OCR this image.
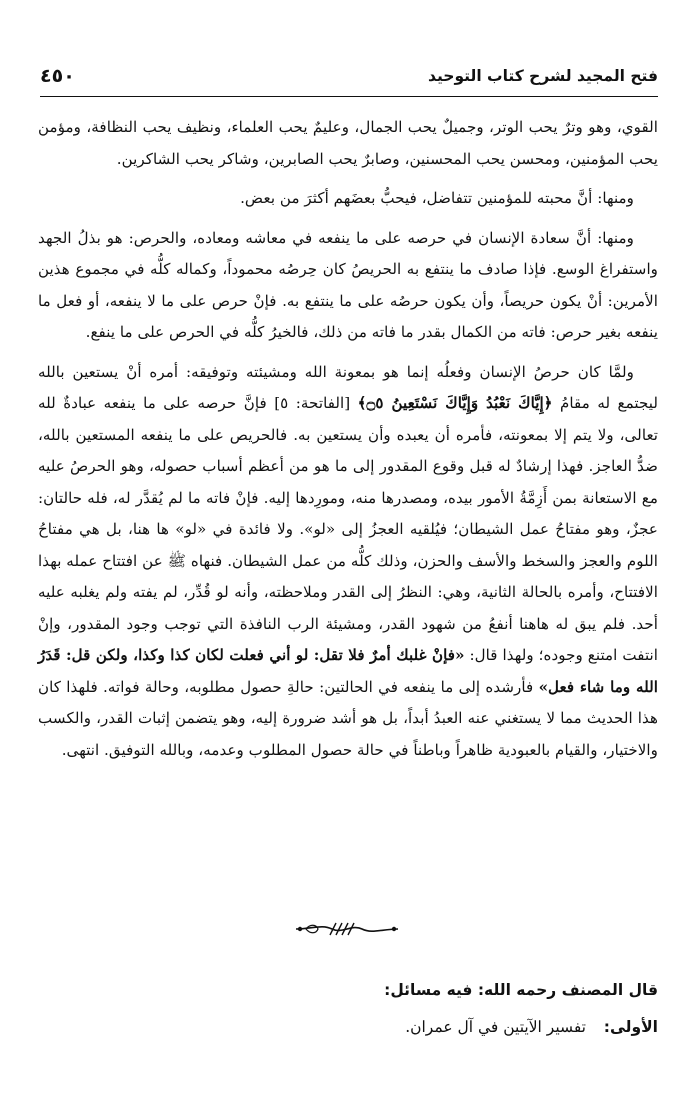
فتح المجيد لشرح كتاب التوحيد
٤٥٠

القوي، وهو وترٌ يحب الوتر، وجميلٌ يحب الجمال، وعليمٌ يحب العلماء، ونظيف يحب النظافة، ومؤمن يحب المؤمنين، ومحسن يحب المحسنين، وصابرٌ يحب الصابرين، وشاكر يحب الشاكرين.

ومنها: أنَّ محبته للمؤمنين تتفاضل، فيحبُّ بعضَهم أكثرَ من بعض.

ومنها: أنَّ سعادة الإنسان في حرصه على ما ينفعه في معاشه ومعاده، والحرص: هو بذلُ الجهد واستفراغ الوسع. فإذا صادف ما ينتفع به الحريصُ كان حِرصُه محموداً، وكماله كلُّه في مجموع هذين الأمرين: أنْ يكون حريصاً، وأن يكون حرصُه على ما ينتفع به. فإنْ حرص على ما لا ينفعه، أو فعل ما ينفعه بغير حرص: فاته من الكمال بقدر ما فاته من ذلك، فالخيرُ كلُّه في الحرص على ما ينفع.

ولمَّا كان حرصُ الإنسان وفعلُه إنما هو بمعونة الله ومشيئته وتوفيقه: أمره أنْ يستعين بالله ليجتمع له مقامُ ﴿إِيَّاكَ نَعْبُدُ وَإِيَّاكَ نَسْتَعِينُ ۝٥﴾ [الفاتحة: ٥] فإنَّ حرصه على ما ينفعه عبادةٌ لله تعالى، ولا يتم إلا بمعونته، فأمره أن يعبده وأن يستعين به. فالحريص على ما ينفعه المستعين بالله، ضدُّ العاجز. فهذا إرشادٌ له قبل وقوع المقدور إلى ما هو من أعظم أسباب حصوله، وهو الحرصُ عليه مع الاستعانة بمن أَزِمَّةُ الأمور بيده، ومصدرها منه، ومورِدها إليه. فإنْ فاته ما لم يُقدَّر له، فله حالتان: عجزٌ، وهو مفتاحُ عمل الشيطان؛ فيُلقيه العجزُ إلى «لو». ولا فائدة في «لو» ها هنا، بل هي مفتاحُ اللوم والعجز والسخط والأسف والحزن، وذلك كلُّه من عمل الشيطان. فنهاه ﷺ عن افتتاح عمله بهذا الافتتاح، وأمره بالحالة الثانية، وهي: النظرُ إلى القدر وملاحظته، وأنه لو قُدِّر، لم يفته ولم يغلبه عليه أحد. فلم يبق له هاهنا أنفعُ من شهود القدر، ومشيئة الرب النافذة التي توجب وجود المقدور، وإنْ انتفت امتنع وجوده؛ ولهذا قال: «فإنْ غلبك أمرٌ فلا تقل: لو أني فعلت لكان كذا وكذا، ولكن قل: قَدَرُ الله وما شاء فعل» فأرشده إلى ما ينفعه في الحالتين: حالةِ حصول مطلوبه، وحالة فواته. فلهذا كان هذا الحديث مما لا يستغني عنه العبدُ أبداً، بل هو أشد ضرورة إليه، وهو يتضمن إثبات القدر، والكسب والاختيار، والقيام بالعبودية ظاهراً وباطناً في حالة حصول المطلوب وعدمه، وبالله التوفيق. انتهى.

قال المصنف رحمه الله: فيه مسائل:
الأولى:
تفسير الآيتين في آل عمران.
